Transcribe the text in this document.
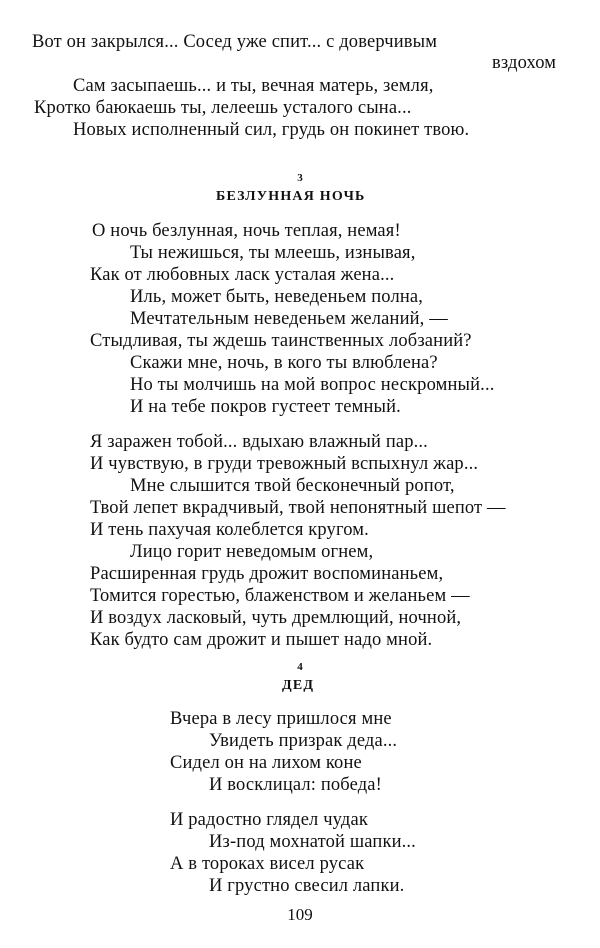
Вот он закрылся... Сосед уже спит... с доверчивым
вздохом
Сам засыпаешь... и ты, вечная матерь, земля,
Кротко баюкаешь ты, лелеешь усталого сына...
Новых исполненный сил, грудь он покинет твою.
3
БЕЗЛУННАЯ НОЧЬ
О ночь безлунная, ночь теплая, немая!
Ты нежишься, ты млеешь, изнывая,
Как от любовных ласк усталая жена...
Иль, может быть, неведеньем полна,
Мечтательным неведеньем желаний, —
Стыдливая, ты ждешь таинственных лобзаний?
Скажи мне, ночь, в кого ты влюблена?
Но ты молчишь на мой вопрос нескромный...
И на тебе покров густеет темный.
Я заражен тобой... вдыхаю влажный пар...
И чувствую, в груди тревожный вспыхнул жар...
Мне слышится твой бесконечный ропот,
Твой лепет вкрадчивый, твой непонятный шепот —
И тень пахучая колеблется кругом.
Лицо горит неведомым огнем,
Расширенная грудь дрожит воспоминаньем,
Томится горестью, блаженством и желаньем —
И воздух ласковый, чуть дремлющий, ночной,
Как будто сам дрожит и пышет надо мной.
4
ДЕД
Вчера в лесу пришлося мне
Увидеть призрак деда...
Сидел он на лихом коне
И восклицал: победа!
И радостно глядел чудак
Из-под мохнатой шапки...
А в тороках висел русак
И грустно свесил лапки.
109
